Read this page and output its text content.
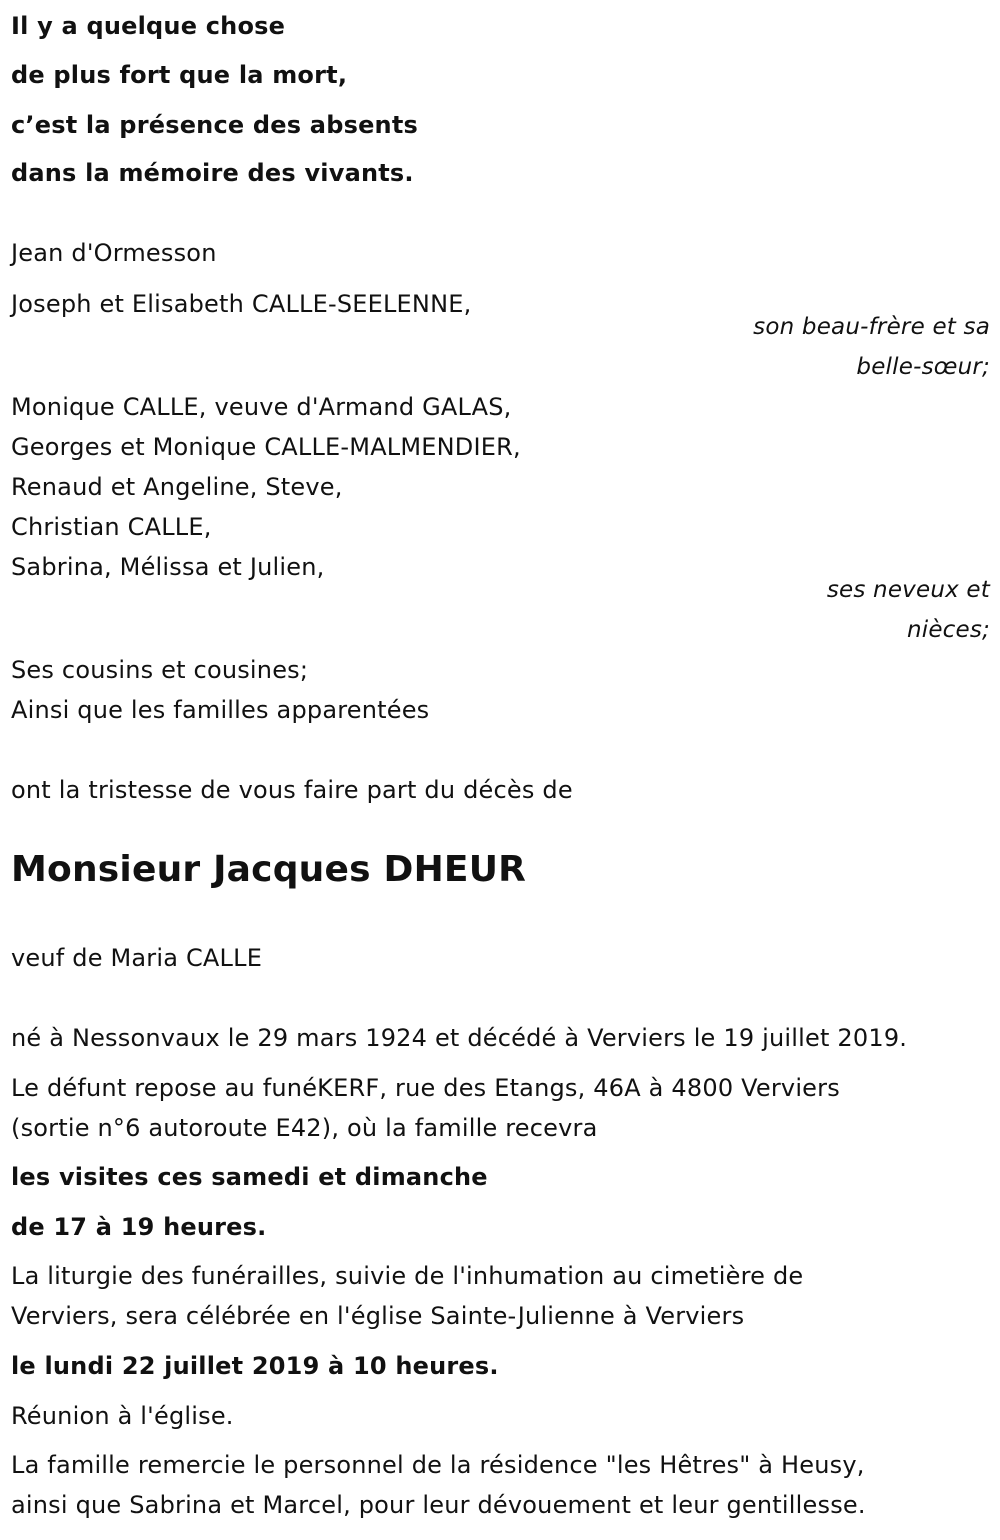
Il y a quelque chose
de plus fort que la mort,
c’est la présence des absents
dans la mémoire des vivants.
Jean d'Ormesson
Joseph et Elisabeth CALLE-SEELENNE,
son beau-frère et sa
belle-sœur;
Monique CALLE, veuve d'Armand GALAS,
Georges et Monique CALLE-MALMENDIER,
Renaud et Angeline, Steve,
Christian CALLE,
Sabrina, Mélissa et Julien,
ses neveux et
nièces;
Ses cousins et cousines;
Ainsi que les familles apparentées
ont la tristesse de vous faire part du décès de
Monsieur Jacques DHEUR
veuf de Maria CALLE
né à Nessonvaux le 29 mars 1924 et décédé à Verviers le 19 juillet 2019.
Le défunt repose au funéKERF, rue des Etangs, 46A à 4800 Verviers
(sortie n°6 autoroute E42), où la famille recevra
les visites ces samedi et dimanche
de 17 à 19 heures.
La liturgie des funérailles, suivie de l'inhumation au cimetière de
Verviers, sera célébrée en l'église Sainte-Julienne à Verviers
le lundi 22 juillet 2019 à 10 heures.
Réunion à l'église.
La famille remercie le personnel de la résidence "les Hêtres" à Heusy,
ainsi que Sabrina et Marcel, pour leur dévouement et leur gentillesse.
